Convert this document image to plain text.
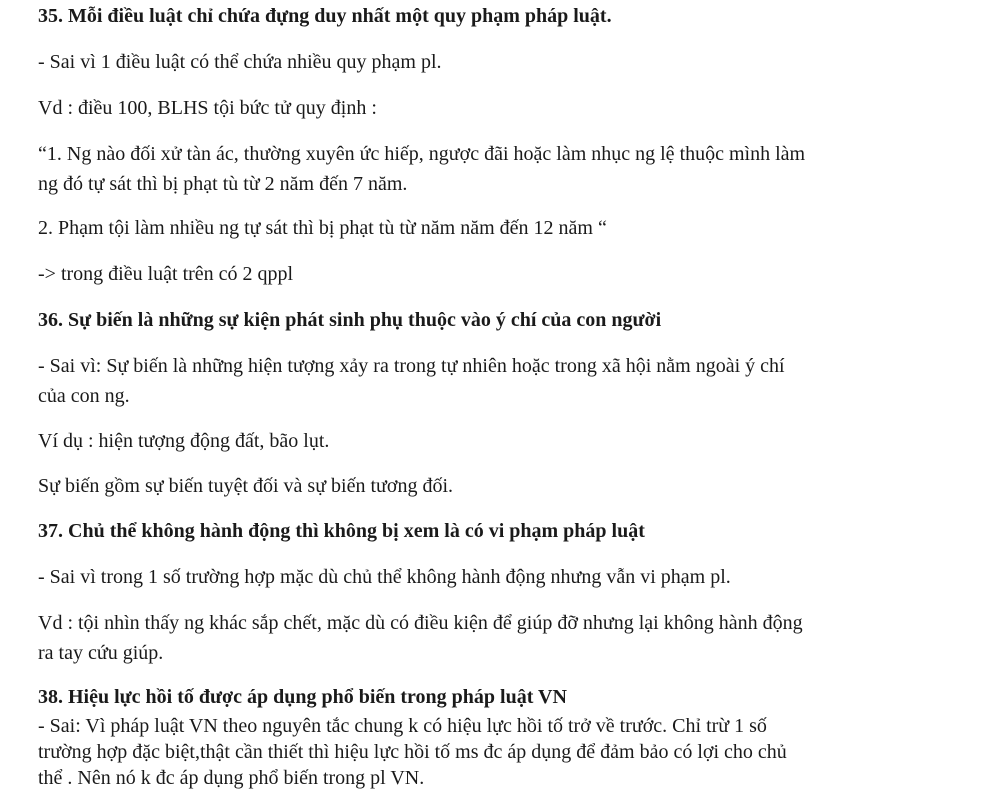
35. Mỗi điều luật chỉ chứa đựng duy nhất một quy phạm pháp luật.
- Sai vì 1 điều luật có thể chứa nhiều quy phạm pl.
Vd : điều 100, BLHS tội bức tử quy định :
“1. Ng nào đối xử tàn ác, thường xuyên ức hiếp, ngược đãi hoặc làm nhục ng lệ thuộc mình làm
ng đó tự sát thì bị phạt tù từ 2 năm đến 7 năm.
2. Phạm tội làm nhiều ng tự sát thì bị phạt tù từ năm năm đến 12 năm “
-> trong điều luật trên có 2 qppl
36. Sự biến là những sự kiện phát sinh phụ thuộc vào ý chí của con người
- Sai vì: Sự biến là những hiện tượng xảy ra trong tự nhiên hoặc trong xã hội nằm ngoài ý chí
của con ng.
Ví dụ : hiện tượng động đất, bão lụt.
Sự biến gồm sự biến tuyệt đối và sự biến tương đối.
37. Chủ thể không hành động thì không bị xem là có vi phạm pháp luật
- Sai vì trong 1 số trường hợp mặc dù chủ thể không hành động nhưng vẫn vi phạm pl.
Vd : tội nhìn thấy ng khác sắp chết, mặc dù có điều kiện để giúp đỡ nhưng lại không hành động
ra tay cứu giúp.
38. Hiệu lực hồi tố được áp dụng phổ biến trong pháp luật VN
- Sai: Vì pháp luật VN theo nguyên tắc chung k có hiệu lực hồi tố trở về trước. Chỉ trừ 1 số
trường hợp đặc biệt,thật cần thiết thì hiệu lực hồi tố ms đc áp dụng để đảm bảo có lợi cho chủ
thể . Nên nó k đc áp dụng phổ biến trong pl VN.
